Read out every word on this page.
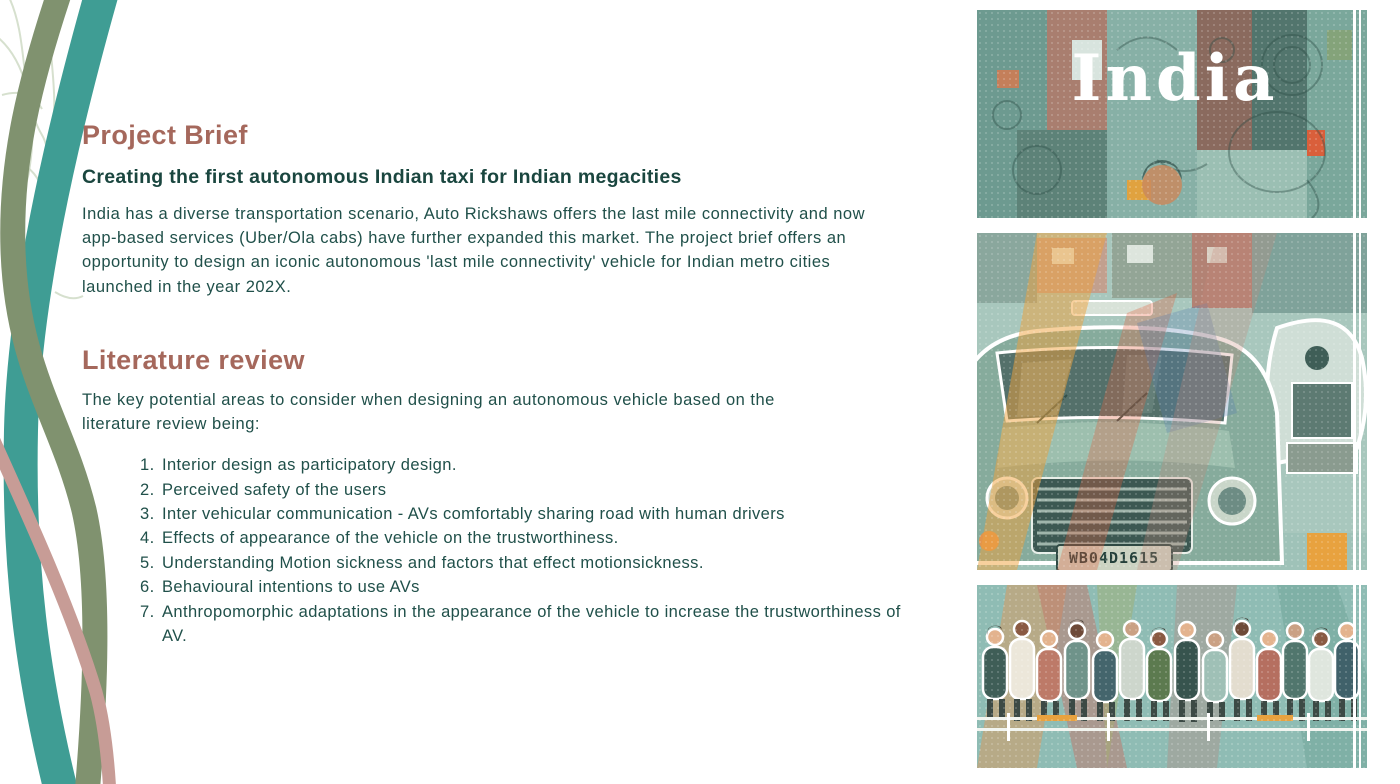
Project Brief
Creating the first autonomous Indian taxi for Indian megacities

India has a diverse transportation scenario, Auto Rickshaws offers the last mile connectivity and now app-based services (Uber/Ola cabs) have further expanded this market. The project brief offers an opportunity to design an iconic autonomous 'last mile connectivity' vehicle for Indian metro cities launched in the year 202X.

Literature review

The key potential areas to consider when designing an autonomous vehicle based on the literature review being:

Interior design as participatory design.
Perceived safety of the users
Inter vehicular communication - AVs comfortably sharing road with human drivers
Effects of appearance of the vehicle on the trustworthiness.
Understanding Motion sickness and factors that effect motionsickness.
Behavioural intentions to use AVs
Anthropomorphic adaptations in the appearance of the vehicle to increase the trustworthiness of AV.
India
